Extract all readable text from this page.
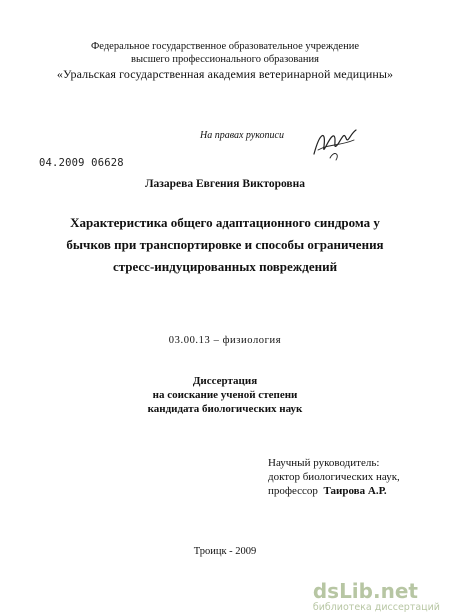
Федеральное государственное образовательное учреждение
высшего профессионального образования
«Уральская государственная академия ветеринарной медицины»
На правах рукописи
04.2009 06628
Лазарева Евгения Викторовна
Характеристика общего адаптационного синдрома у
бычков при транспортировке и способы ограничения
стресс-индуцированных повреждений
03.00.13 – физиология
Диссертация
на соискание ученой степени
кандидата биологических наук
Научный руководитель:
доктор биологических наук,
профессор Таирова А.Р.
Троицк - 2009
dsLib.net
библиотека диссертаций
